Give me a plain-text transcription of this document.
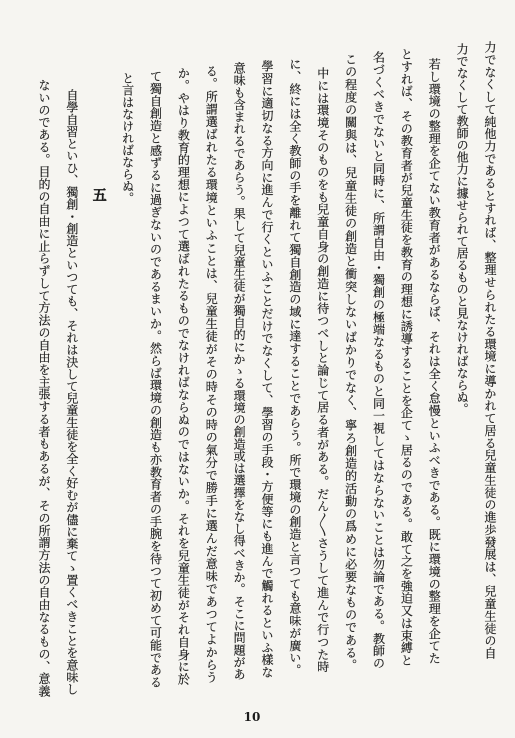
力でなくして純他力であるとすれば、整理せられたる環境に導かれて居る兒童生徒の進歩發展は、兒童生徒の自
力でなくして教師の他力に據せられて居るものと見なければならぬ。
若し環境の整理を企てない教育者があるならば、それは全く怠慢といふべきである。既に環境の整理を企てた
とすれば、その教育者が兒童生徒を教育の理想に誘導することを企てゝ居るのである。敢て之を強迫又は束縛と
名づくべきでないと同時に、所謂自由・獨創の極端なるものと同一視してはならないことは勿論である。教師の
この程度の關與は、兒童生徒の創造と衝突しないばかりでなく、寧ろ創造的活動の爲めに必要なものである。
中には環境そのものをも兒童自身の創造に待つべしと論じて居る者がある。だん〳〵さうして進んで行つた時
に、終には全く教師の手を離れて獨自創造の域に達することであらう。所で環境の創造と言つても意味が廣い。
學習に適切なる方向に進んで行くといふことだけでなくして、學習の手段・方便等にも進んで觸れるといふ樣な
意味も含まれるであらう。果して兒童生徒が獨自的にかゝる環境の創造或は選擇をなし得べきか。そこに問題があ
る。所謂選ばれたる環境といふことは、兒童生徒がその時その時の氣分で勝手に選んだ意味であつてよからう
か。やはり教育的理想によつて選ばれたるものでなければならぬのではないか。それを兒童生徒がそれ自身に於
て獨自創造と感ずるに過ぎないのであるまいか。然らば環境の創造も亦教育者の手腕を待つて初めて可能である
と言はなければならぬ。
五
自學自習といひ、獨創・創造といつても、それは決して兒童生徒を全く好むが儘に棄てゝ置くべきことを意味し
ないのである。目的の自由に止らずして方法の自由を主張する者もあるが、その所謂方法の自由なるもの、意義
10
